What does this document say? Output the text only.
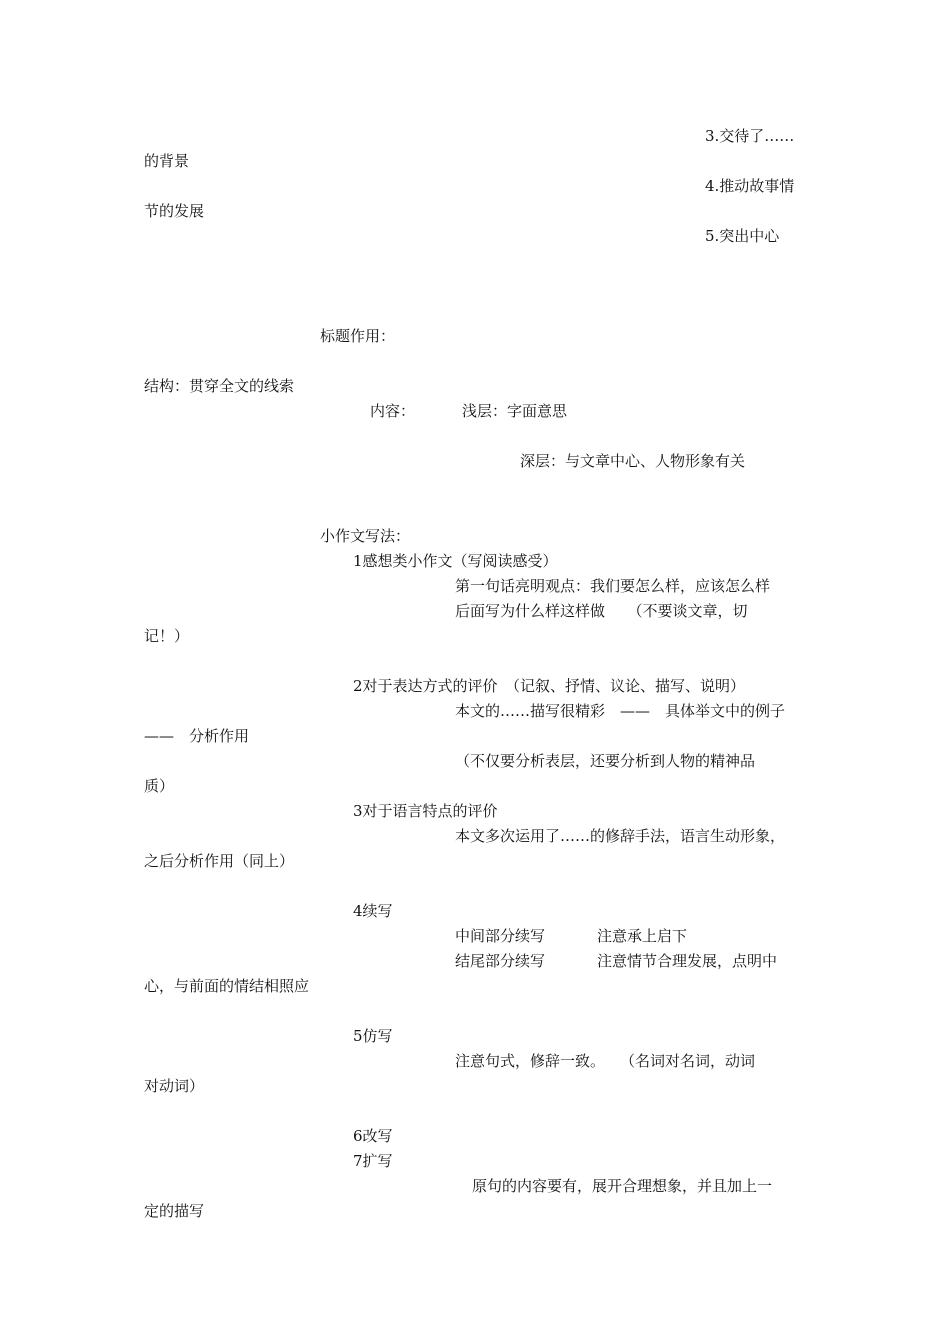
3.交待了……
的背景
4.推动故事情
节的发展
5.突出中心
标题作用：
结构：贯穿全文的线索
内容：	浅层：字面意思
深层：与文章中心、人物形象有关
小作文写法：
1感想类小作文（写阅读感受）
第一句话亮明观点：我们要怎么样，应该怎么样
后面写为什么样这样做　　（不要谈文章，切
记！）
2对于表达方式的评价　（记叙、抒情、议论、描写、说明）
本文的……描写很精彩　——　具体举文中的例子
——　分析作用
（不仅要分析表层，还要分析到人物的精神品
质）
3对于语言特点的评价
本文多次运用了……的修辞手法，语言生动形象，
之后分析作用（同上）
4续写
中间部分续写	注意承上启下
结尾部分续写	注意情节合理发展，点明中
心，与前面的情结相照应
5仿写
注意句式，修辞一致。　　（名词对名词，动词
对动词）
6改写
7扩写
原句的内容要有，展开合理想象，并且加上一
定的描写
